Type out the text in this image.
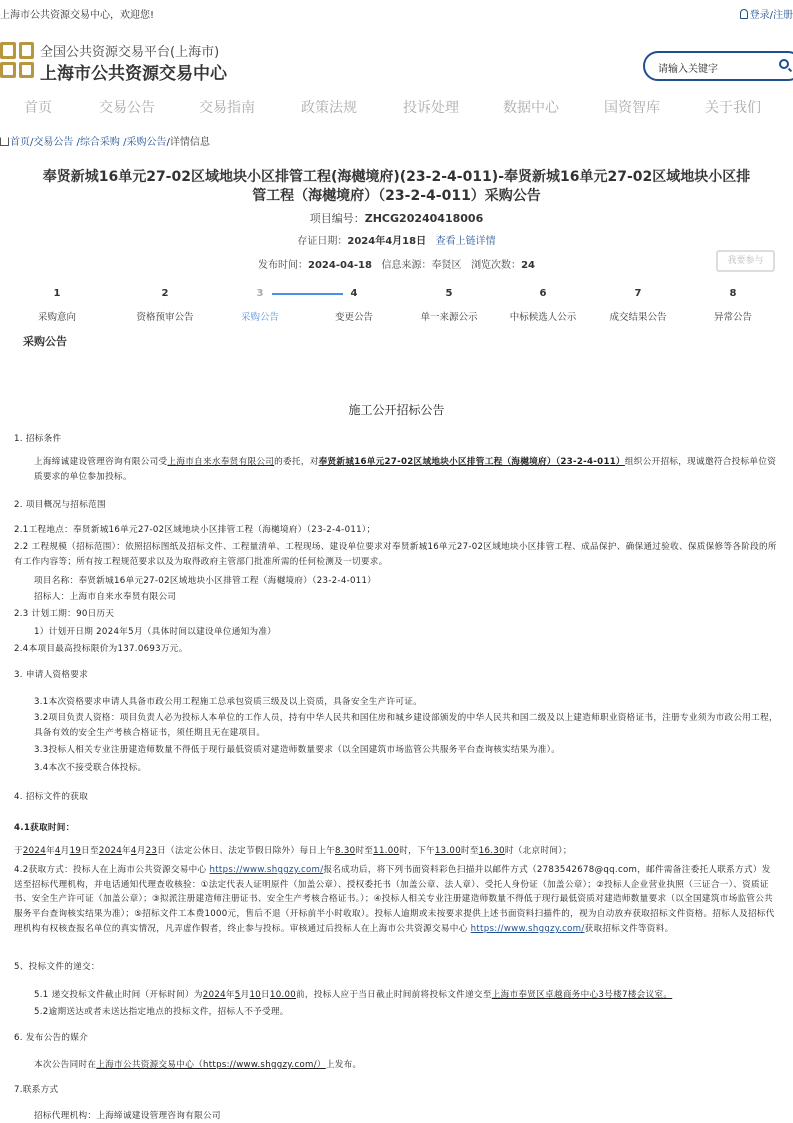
上海市公共资源交易中心，欢迎您!	登录/注册
全国公共资源交易平台(上海市)
上海市公共资源交易中心	请输入关键字
首页	交易公告	交易指南	政策法规	投诉处理	数据中心	国资智库	关于我们
首页/交易公告 /综合采购 /采购公告/详情信息
奉贤新城16单元27-02区域地块小区排管工程(海樾境府)(23-2-4-011)-奉贤新城16单元27-02区域地块小区排管工程（海樾境府）（23-2-4-011）采购公告
项目编号：ZHCG20240418006
存证日期：2024年4月18日 查看上链详情
发布时间：2024-04-18 信息来源：奉贤区 浏览次数：24	我要参与
1	2	3	4	5	6	7	8
采购意向	资格预审公告	采购公告	变更公告	单一来源公示	中标候选人公示	成交结果公告	异常公告
采购公告
施工公开招标公告
1. 招标条件
上海缔诚建设管理咨询有限公司受上海市自来水奉贤有限公司的委托，对奉贤新城16单元27-02区域地块小区排管工程（海樾境府）（23-2-4-011）组织公开招标，现诚邀符合投标单位资质要求的单位参加投标。
2. 项目概况与招标范围
2.1工程地点：奉贤新城16单元27-02区域地块小区排管工程（海樾境府）（23-2-4-011）；
2.2 工程规模（招标范围）：依照招标图纸及招标文件、工程量清单、工程现场、建设单位要求对奉贤新城16单元27-02区域地块小区排管工程、成品保护、确保通过验收、保质保修等各阶段的所有工作内容等；所有按工程规范要求以及为取得政府主管部门批准所需的任何检测及一切要求。
项目名称：奉贤新城16单元27-02区域地块小区排管工程（海樾境府）（23-2-4-011）
招标人：上海市自来水奉贤有限公司
2.3 计划工期：90日历天
1）计划开日期 2024年5月（具体时间以建设单位通知为准）
2.4本项目最高投标限价为137.0693万元。
3. 申请人资格要求
3.1本次资格要求申请人具备市政公用工程施工总承包资质三级及以上资质，具备安全生产许可证。
3.2项目负责人资格：项目负责人必为投标人本单位的工作人员，持有中华人民共和国住房和城乡建设部颁发的中华人民共和国二级及以上建造师职业资格证书，注册专业须为市政公用工程，具备有效的安全生产考核合格证书，须任期且无在建项目。
3.3投标人相关专业注册建造师数量不得低于现行最低资质对建造师数量要求（以全国建筑市场监管公共服务平台查询核实结果为准）。
3.4本次不接受联合体投标。
4. 招标文件的获取
4.1获取时间：
于2024年4月19日至2024年4月23日（法定公休日、法定节假日除外）每日上午8.30时至11.00时，下午13.00时至16.30时（北京时间）；
4.2获取方式：投标人在上海市公共资源交易中心 https://www.shggzy.com/报名成功后，将下列书面资料彩色扫描并以邮件方式（2783542678@qq.com，邮件需备注委托人联系方式）发送至招标代理机构，并电话通知代理查收核验：①法定代表人证明原件（加盖公章）、授权委托书（加盖公章、法人章）、受托人身份证（加盖公章）；②投标人企业营业执照（三证合一）、资质证书、安全生产许可证（加盖公章）；③拟派注册建造师注册证书、安全生产考核合格证书。）；④投标人相关专业注册建造师数量不得低于现行最低资质对建造师数量要求（以全国建筑市场监管公共服务平台查询核实结果为准）；⑤招标文件工本费1000元，售后不退（开标前半小时收取）。投标人逾期或未按要求提供上述书面资料扫描件的，视为自动放弃获取招标文件资格。招标人及招标代理机构有权核查报名单位的真实情况，凡弄虚作假者，终止参与投标。审核通过后投标人在上海市公共资源交易中心 https://www.shggzy.com/获取招标文件等资料。
5、投标文件的递交：
5.1 递交投标文件截止时间（开标时间）为2024年5月10日10.00前，投标人应于当日截止时间前将投标文件递交至上海市奉贤区卓越商务中心3号楼7楼会议室。
5.2逾期送达或者未送达指定地点的投标文件，招标人不予受理。
6. 发布公告的媒介
本次公告同时在上海市公共资源交易中心（https://www.shggzy.com/）上发布。
7.联系方式
招标代理机构：上海缔诚建设管理咨询有限公司
